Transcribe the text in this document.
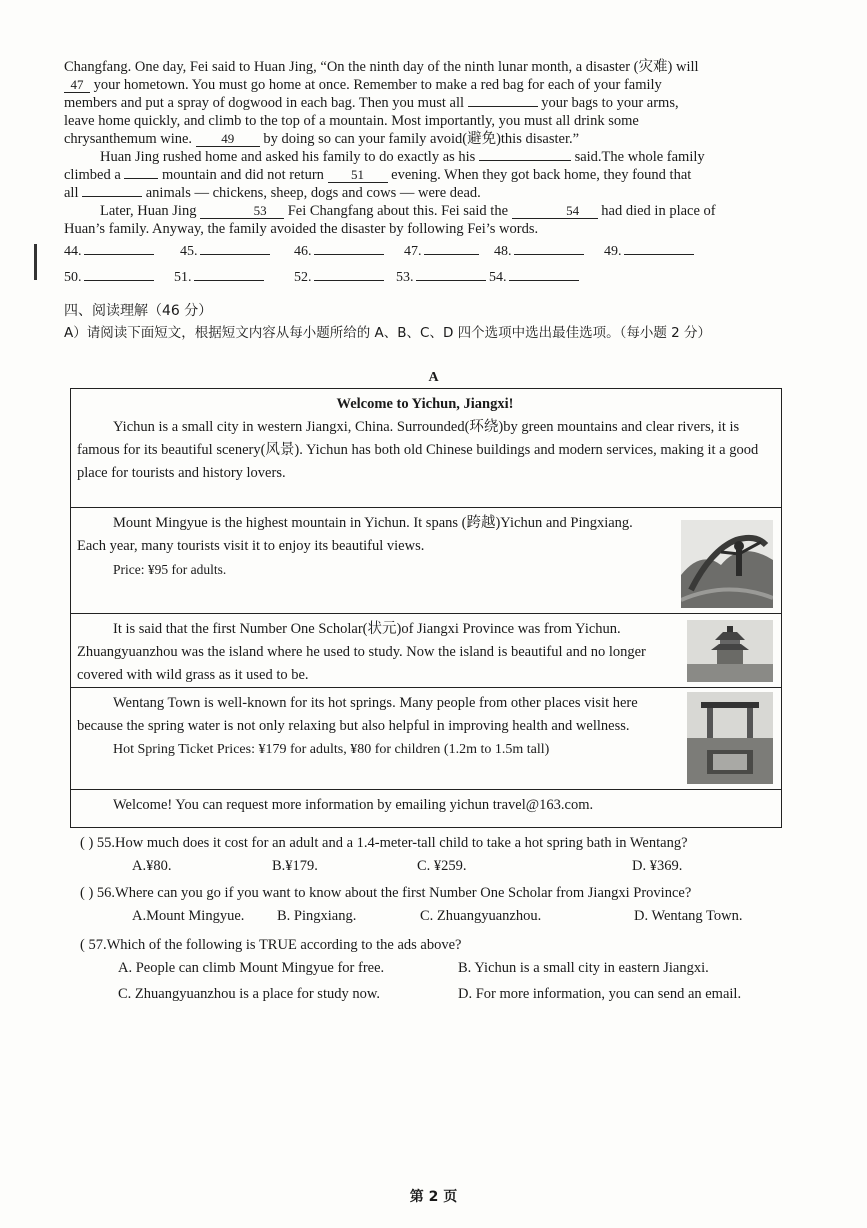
Changfang. One day, Fei said to Huan Jing, “On the ninth day of the ninth lunar month, a disaster (灾难) will

47 your hometown. You must go home at once. Remember to make a red bag for each of your family

members and put a spray of dogwood in each bag. Then you must all	your bags to your arms,

leave home quickly, and climb to the top of a mountain. Most importantly, you must all drink some

chrysanthemum wine. 49 by doing so can your family avoid(避免)this disaster.”

Huan Jing rushed home and asked his family to do exactly as his	said.The whole family

climbed a	mountain and did not return 51 evening. When they got back home, they found that

all	animals — chickens, sheep, dogs and cows — were dead.

Later, Huan Jing	53 Fei Changfang about this. Fei said the	54 had died in place of

Huan’s family. Anyway, the family avoided the disaster by following Fei’s words.

44.	45.	46.	47.	48.	49.
50.	51.	52.	53.	54.
四、阅读理解（46 分）
A）请阅读下面短文，根据短文内容从每小题所给的 A、B、C、D 四个选项中选出最佳选项。（每小题 2 分）
A

Welcome to Yichun, Jiangxi!

Yichun is a small city in western Jiangxi, China. Surrounded(环绕)by green mountains and clear rivers, it is famous for its beautiful scenery(风景). Yichun has both old Chinese buildings and modern services, making it a good place for tourists and history lovers.

Mount Mingyue is the highest mountain in Yichun. It spans (跨越)Yichun and Pingxiang. Each year, many tourists visit it to enjoy its beautiful views.

Price: ¥95 for adults.

It is said that the first Number One Scholar(状元)of Jiangxi Province was from Yichun. Zhuangyuanzhou was the island where he used to study. Now the island is beautiful and no longer covered with wild grass as it used to be.

Wentang Town is well-known for its hot springs. Many people from other places visit here because the spring water is not only relaxing but also helpful in improving health and wellness.

Hot Spring Ticket Prices: ¥179 for adults, ¥80 for children (1.2m to 1.5m tall)

Welcome! You can request more information by emailing yichun travel@163.com.

( ) 55.How much does it cost for an adult and a 1.4-meter-tall child to take a hot spring bath in Wentang?
A.¥80.	B.¥179.	C. ¥259.	D. ¥369.
( ) 56.Where can you go if you want to know about the first Number One Scholar from Jiangxi Province?
A.Mount Mingyue. B. Pingxiang.	C. Zhuangyuanzhou.	D. Wentang Town.
( 57.Which of the following is TRUE according to the ads above?
A. People can climb Mount Mingyue for free.	B. Yichun is a small city in eastern Jiangxi.
C. Zhuangyuanzhou is a place for study now.	D. For more information, you can send an email.
第 2 页
